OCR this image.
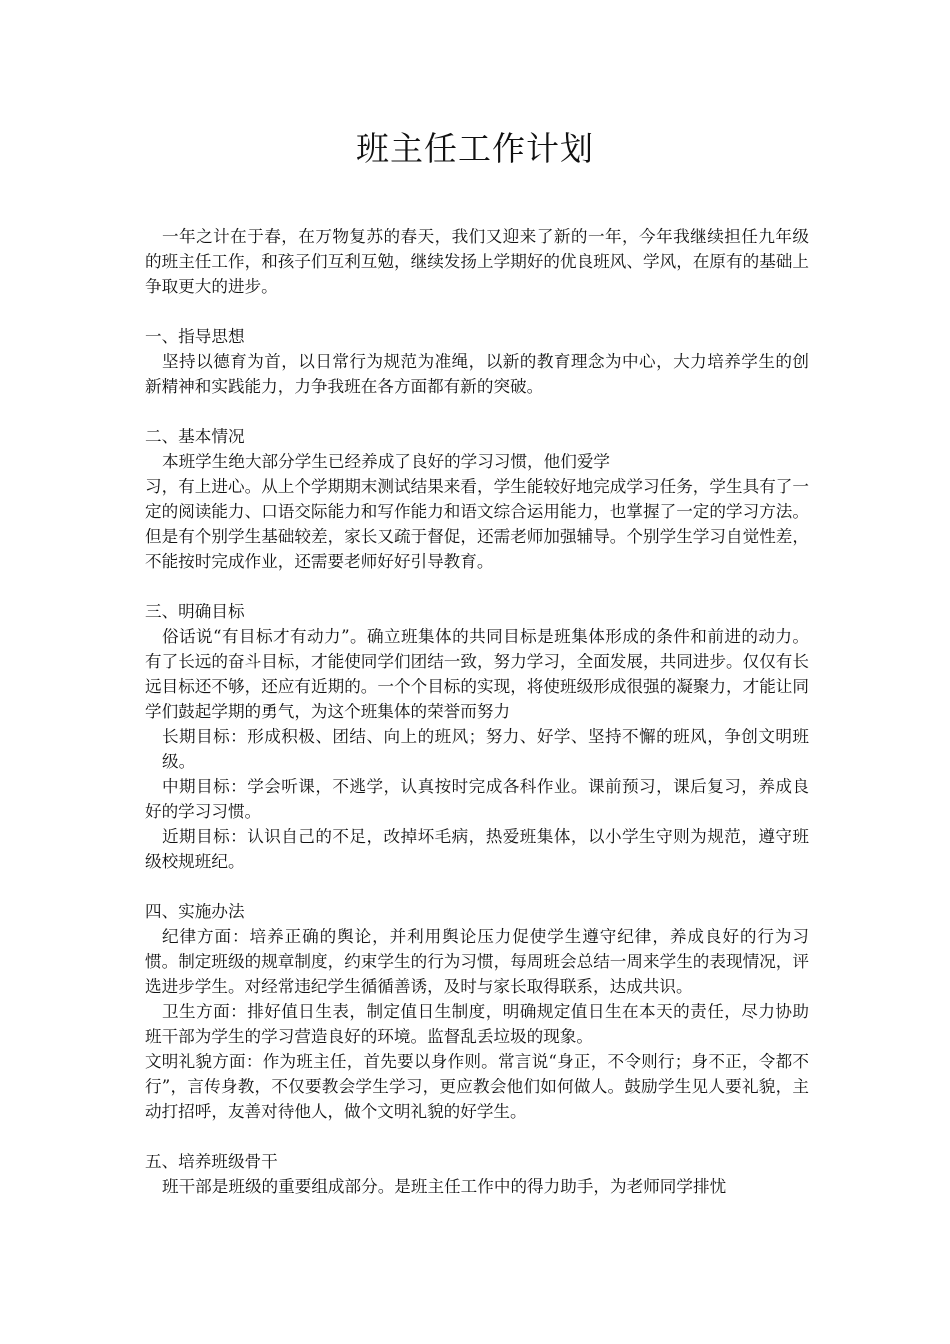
班主任工作计划

一年之计在于春，在万物复苏的春天，我们又迎来了新的一年，今年我继续担任九年级的班主任工作，和孩子们互利互勉，继续发扬上学期好的优良班风、学风，在原有的基础上争取更大的进步。

一、指导思想

坚持以德育为首，以日常行为规范为准绳，以新的教育理念为中心，大力培养学生的创新精神和实践能力，力争我班在各方面都有新的突破。

二、基本情况

本班学生绝大部分学生已经养成了良好的学习习惯，他们爱学

习，有上进心。从上个学期期末测试结果来看，学生能较好地完成学习任务，学生具有了一定的阅读能力、口语交际能力和写作能力和语文综合运用能力，也掌握了一定的学习方法。但是有个别学生基础较差，家长又疏于督促，还需老师加强辅导。个别学生学习自觉性差，不能按时完成作业，还需要老师好好引导教育。

三、明确目标

俗话说“有目标才有动力”。确立班集体的共同目标是班集体形成的条件和前进的动力。有了长远的奋斗目标，才能使同学们团结一致，努力学习，全面发展，共同进步。仅仅有长远目标还不够，还应有近期的。一个个目标的实现，将使班级形成很强的凝聚力，才能让同学们鼓起学期的勇气，为这个班集体的荣誉而努力

长期目标：形成积极、团结、向上的班风；努力、好学、坚持不懈的班风，争创文明班级。

中期目标：学会听课，不逃学，认真按时完成各科作业。课前预习，课后复习，养成良好的学习习惯。

近期目标：认识自己的不足，改掉坏毛病，热爱班集体，以小学生守则为规范，遵守班级校规班纪。

四、实施办法

纪律方面：培养正确的舆论，并利用舆论压力促使学生遵守纪律，养成良好的行为习惯。制定班级的规章制度，约束学生的行为习惯，每周班会总结一周来学生的表现情况，评选进步学生。对经常违纪学生循循善诱，及时与家长取得联系，达成共识。

卫生方面：排好值日生表，制定值日生制度，明确规定值日生在本天的责任，尽力协助班干部为学生的学习营造良好的环境。监督乱丢垃圾的现象。

文明礼貌方面：作为班主任，首先要以身作则。常言说“身正，不令则行；身不正，令都不行”，言传身教，不仅要教会学生学习，更应教会他们如何做人。鼓励学生见人要礼貌，主动打招呼，友善对待他人，做个文明礼貌的好学生。

五、培养班级骨干

班干部是班级的重要组成部分。是班主任工作中的得力助手，为老师同学排忧
